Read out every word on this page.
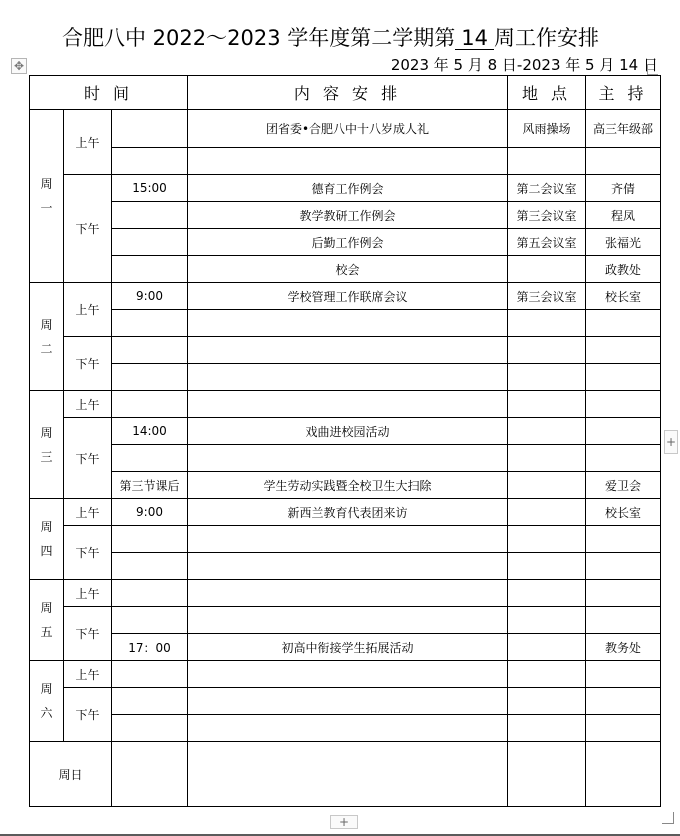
合肥八中 2022～2023 学年度第二学期第 14 周工作安排
2023 年 5 月 8 日-2023 年 5 月 14 日
✥
时 间			内 容 安 排	地 点	主 持

周
一	上午		团省委•合肥八中十八岁成人礼	风雨操场	高三年级部

	下午	15:00	德育工作例会	第二会议室	齐倩
			教学教研工作例会	第三会议室	程凤
			后勤工作例会	第五会议室	张福光
			校会		政教处

周
二	上午	9:00	学校管理工作联席会议	第三会议室	校长室

	下午				

周
三	上午				
	下午	14:00	戏曲进校园活动		

		第三节课后	学生劳动实践暨全校卫生大扫除		爱卫会

周
四	上午	9:00	新西兰教育代表团来访		校长室
	下午				

周
五	上午				
	下午				
		17：00	初高中衔接学生拓展活动		教务处

周
六	上午				
	下午				

周日					
+
+
